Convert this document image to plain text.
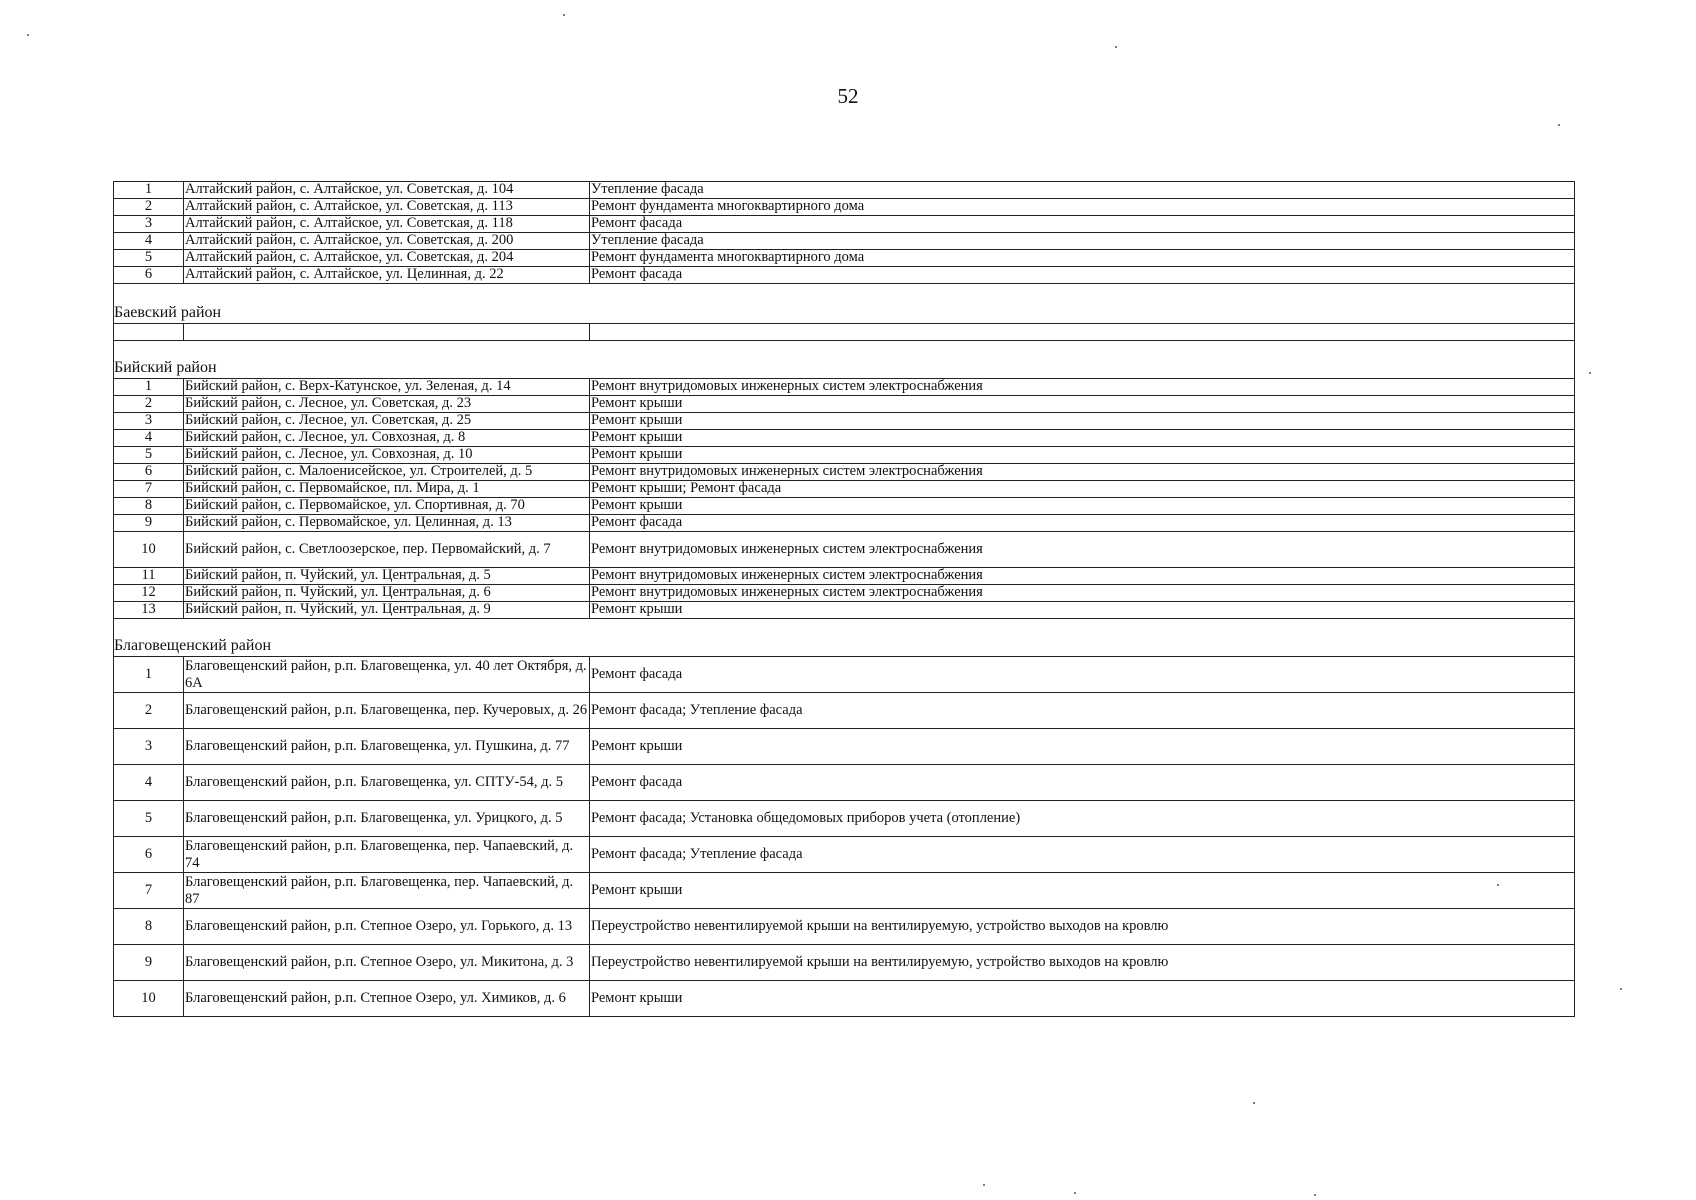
52
1	Алтайский район, с. Алтайское, ул. Советская, д. 104	Утепление фасада
2	Алтайский район, с. Алтайское, ул. Советская, д. 113	Ремонт фундамента многоквартирного дома
3	Алтайский район, с. Алтайское, ул. Советская, д. 118	Ремонт фасада
4	Алтайский район, с. Алтайское, ул. Советская, д. 200	Утепление фасада
5	Алтайский район, с. Алтайское, ул. Советская, д. 204	Ремонт фундамента многоквартирного дома
6	Алтайский район, с. Алтайское, ул. Целинная, д. 22	Ремонт фасада
Баевский район		

Бийский район		
1	Бийский район, с. Верх-Катунское, ул. Зеленая, д. 14	Ремонт внутридомовых инженерных систем электроснабжения
2	Бийский район, с. Лесное, ул. Советская, д. 23	Ремонт крыши
3	Бийский район, с. Лесное, ул. Советская, д. 25	Ремонт крыши
4	Бийский район, с. Лесное, ул. Совхозная, д. 8	Ремонт крыши
5	Бийский район, с. Лесное, ул. Совхозная, д. 10	Ремонт крыши
6	Бийский район, с. Малоенисейское, ул. Строителей, д. 5	Ремонт внутридомовых инженерных систем электроснабжения
7	Бийский район, с. Первомайское, пл. Мира, д. 1	Ремонт крыши; Ремонт фасада
8	Бийский район, с. Первомайское, ул. Спортивная, д. 70	Ремонт крыши
9	Бийский район, с. Первомайское, ул. Целинная, д. 13	Ремонт фасада
10	Бийский район, с. Светлоозерское, пер. Первомайский, д. 7	Ремонт внутридомовых инженерных систем электроснабжения
11	Бийский район, п. Чуйский, ул. Центральная, д. 5	Ремонт внутридомовых инженерных систем электроснабжения
12	Бийский район, п. Чуйский, ул. Центральная, д. 6	Ремонт внутридомовых инженерных систем электроснабжения
13	Бийский район, п. Чуйский, ул. Центральная, д. 9	Ремонт крыши
Благовещенский район		
1	Благовещенский район, р.п. Благовещенка, ул. 40 лет Октября, д. 6А	Ремонт фасада
2	Благовещенский район, р.п. Благовещенка, пер. Кучеровых, д. 26	Ремонт фасада; Утепление фасада
3	Благовещенский район, р.п. Благовещенка, ул. Пушкина, д. 77	Ремонт крыши
4	Благовещенский район, р.п. Благовещенка, ул. СПТУ-54, д. 5	Ремонт фасада
5	Благовещенский район, р.п. Благовещенка, ул. Урицкого, д. 5	Ремонт фасада; Установка общедомовых приборов учета (отопление)
6	Благовещенский район, р.п. Благовещенка, пер. Чапаевский, д. 74	Ремонт фасада; Утепление фасада
7	Благовещенский район, р.п. Благовещенка, пер. Чапаевский, д. 87	Ремонт крыши
8	Благовещенский район, р.п. Степное Озеро, ул. Горького, д. 13	Переустройство невентилируемой крыши на вентилируемую, устройство выходов на кровлю
9	Благовещенский район, р.п. Степное Озеро, ул. Микитона, д. 3	Переустройство невентилируемой крыши на вентилируемую, устройство выходов на кровлю
10	Благовещенский район, р.п. Степное Озеро, ул. Химиков, д. 6	Ремонт крыши
